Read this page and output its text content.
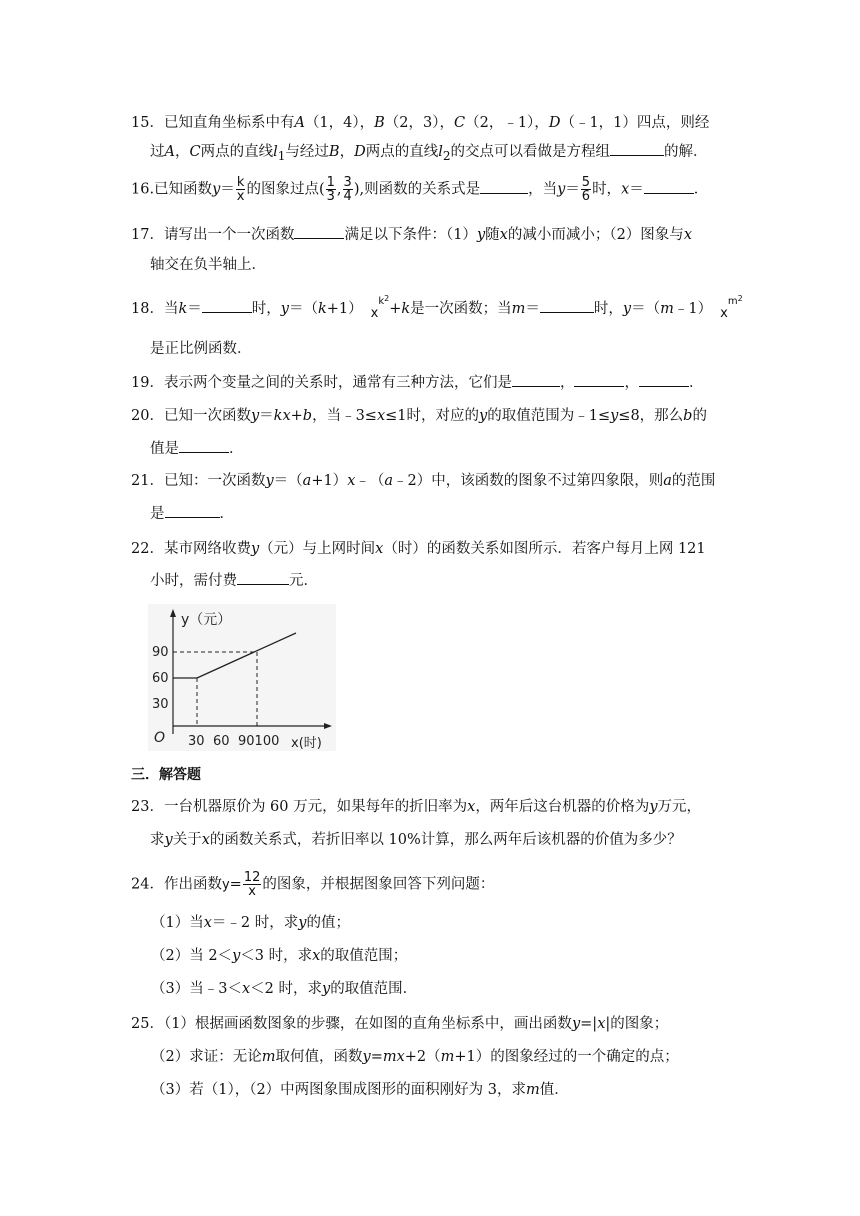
15．已知直角坐标系中有A（1，4），B（2，3），C（2，﹣1），D（﹣1，1）四点，则经
过A，C两点的直线$l_1$与经过B，D两点的直线$l_2$的交点可以看做是方程组	的解．
16.已知函数$y= \frac{k}{x}$ 的图象过点( $\frac{1}{3}$ , $\frac{3}{4}$ ),则函数的关系式是	，当$y= \frac{5}{6}$ 时，x＝	．
17．请写出一个一次函数	满足以下条件：（1）y随x的减小而减小；（2）图象与x
轴交在负半轴上．
18．当k＝	时，y＝（k+1） $x^{k2}+k$是一次函数；当m＝	时，y＝（m﹣1） $x^{m2}$
是正比例函数．
19．表示两个变量之间的关系时，通常有三种方法，它们是	，	，	．
20．已知一次函数y＝kx+b，当﹣3≤x≤1时，对应的y的取值范围为﹣1≤y≤8，那么b的
值是	．
21．已知：一次函数y＝（a+1）x﹣（a﹣2）中，该函数的图象不过第四象限，则a的范围
是	．
22．某市网络收费y（元）与上网时间x（时）的函数关系如图所示．若客户每月上网 121
小时，需付费	元．
y（元）
90
60
30
O 30 60 90100 x(时)
三．解答题
23．一台机器原价为 60 万元，如果每年的折旧率为x，两年后这台机器的价格为y万元，
求y关于x的函数关系式，若折旧率以 10%计算，那么两年后该机器的价值为多少？
24．作出函数$y= \frac{12}{x}$ 的图象，并根据图象回答下列问题：
（1）当x＝﹣2 时，求y的值；
（2）当 2＜y＜3 时，求x的取值范围；
（3）当﹣3＜x＜2 时，求y的取值范围．
25．（1）根据画函数图象的步骤，在如图的直角坐标系中，画出函数y=|x|的图象；
（2）求证：无论m取何值，函数y=mx+2（m+1）的图象经过的一个确定的点；
（3）若（1），（2）中两图象围成图形的面积刚好为 3，求m值．
